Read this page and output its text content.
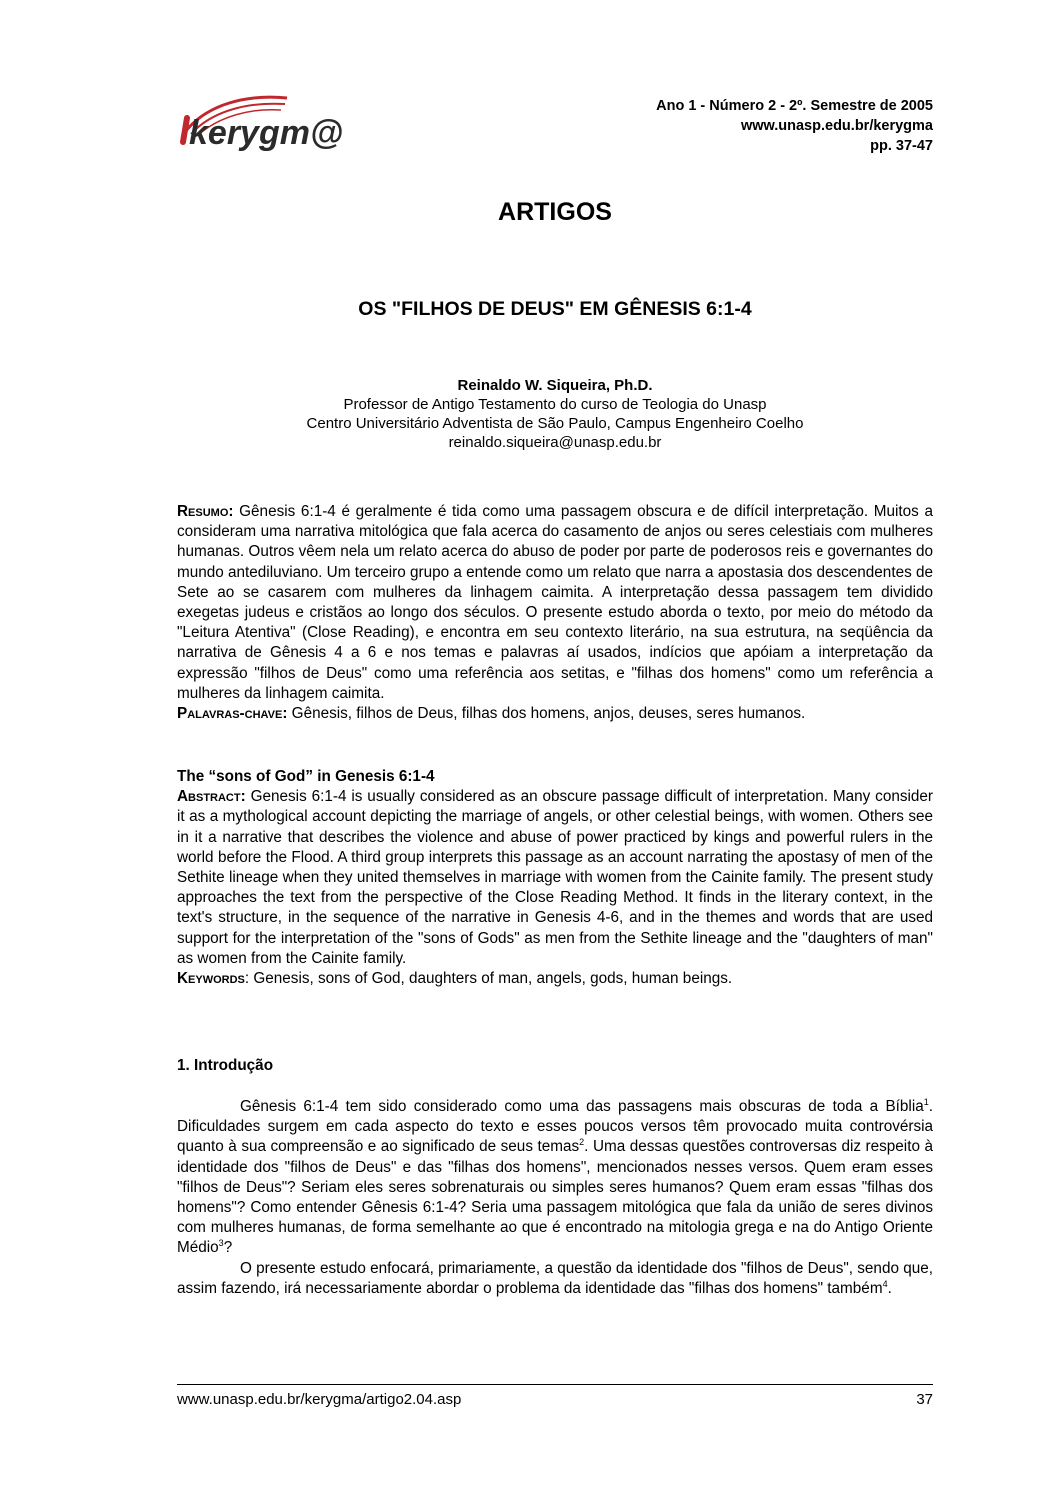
kerygm@
Ano 1 - Número 2 - 2º. Semestre de 2005
www.unasp.edu.br/kerygma
pp. 37-47
ARTIGOS
OS "FILHOS DE DEUS" EM GÊNESIS 6:1-4
Reinaldo W. Siqueira, Ph.D.
Professor de Antigo Testamento do curso de Teologia do Unasp
Centro Universitário Adventista de São Paulo, Campus Engenheiro Coelho
reinaldo.siqueira@unasp.edu.br

Resumo: Gênesis 6:1-4 é geralmente é tida como uma passagem obscura e de difícil interpretação. Muitos a consideram uma narrativa mitológica que fala acerca do casamento de anjos ou seres celestiais com mulheres humanas. Outros vêem nela um relato acerca do abuso de poder por parte de poderosos reis e governantes do mundo antediluviano. Um terceiro grupo a entende como um relato que narra a apostasia dos descendentes de Sete ao se casarem com mulheres da linhagem caimita. A interpretação dessa passagem tem dividido exegetas judeus e cristãos ao longo dos séculos. O presente estudo aborda o texto, por meio do método da "Leitura Atentiva" (Close Reading), e encontra em seu contexto literário, na sua estrutura, na seqüência da narrativa de Gênesis 4 a 6 e nos temas e palavras aí usados, indícios que apóiam a interpretação da expressão "filhos de Deus" como uma referência aos setitas, e "filhas dos homens" como um referência a mulheres da linhagem caimita.

Palavras-chave: Gênesis, filhos de Deus, filhas dos homens, anjos, deuses, seres humanos.

The “sons of God” in Genesis 6:1-4

Abstract: Genesis 6:1-4 is usually considered as an obscure passage difficult of interpretation. Many consider it as a mythological account depicting the marriage of angels, or other celestial beings, with women. Others see in it a narrative that describes the violence and abuse of power practiced by kings and powerful rulers in the world before the Flood. A third group interprets this passage as an account narrating the apostasy of men of the Sethite lineage when they united themselves in marriage with women from the Cainite family. The present study approaches the text from the perspective of the Close Reading Method. It finds in the literary context, in the text's structure, in the sequence of the narrative in Genesis 4-6, and in the themes and words that are used support for the interpretation of the "sons of Gods" as men from the Sethite lineage and the "daughters of man" as women from the Cainite family.

Keywords: Genesis, sons of God, daughters of man, angels, gods, human beings.

1. Introdução

Gênesis 6:1-4 tem sido considerado como uma das passagens mais obscuras de toda a Bíblia$^1$. Dificuldades surgem em cada aspecto do texto e esses poucos versos têm provocado muita controvérsia quanto à sua compreensão e ao significado de seus temas$^2$. Uma dessas questões controversas diz respeito à identidade dos "filhos de Deus" e das "filhas dos homens", mencionados nesses versos. Quem eram esses "filhos de Deus"? Seriam eles seres sobrenaturais ou simples seres humanos? Quem eram essas "filhas dos homens"? Como entender Gênesis 6:1-4? Seria uma passagem mitológica que fala da união de seres divinos com mulheres humanas, de forma semelhante ao que é encontrado na mitologia grega e na do Antigo Oriente Médio$^3$?

O presente estudo enfocará, primariamente, a questão da identidade dos "filhos de Deus", sendo que, assim fazendo, irá necessariamente abordar o problema da identidade das "filhas dos homens" também$^4$.

www.unasp.edu.br/kerygma/artigo2.04.asp	37
